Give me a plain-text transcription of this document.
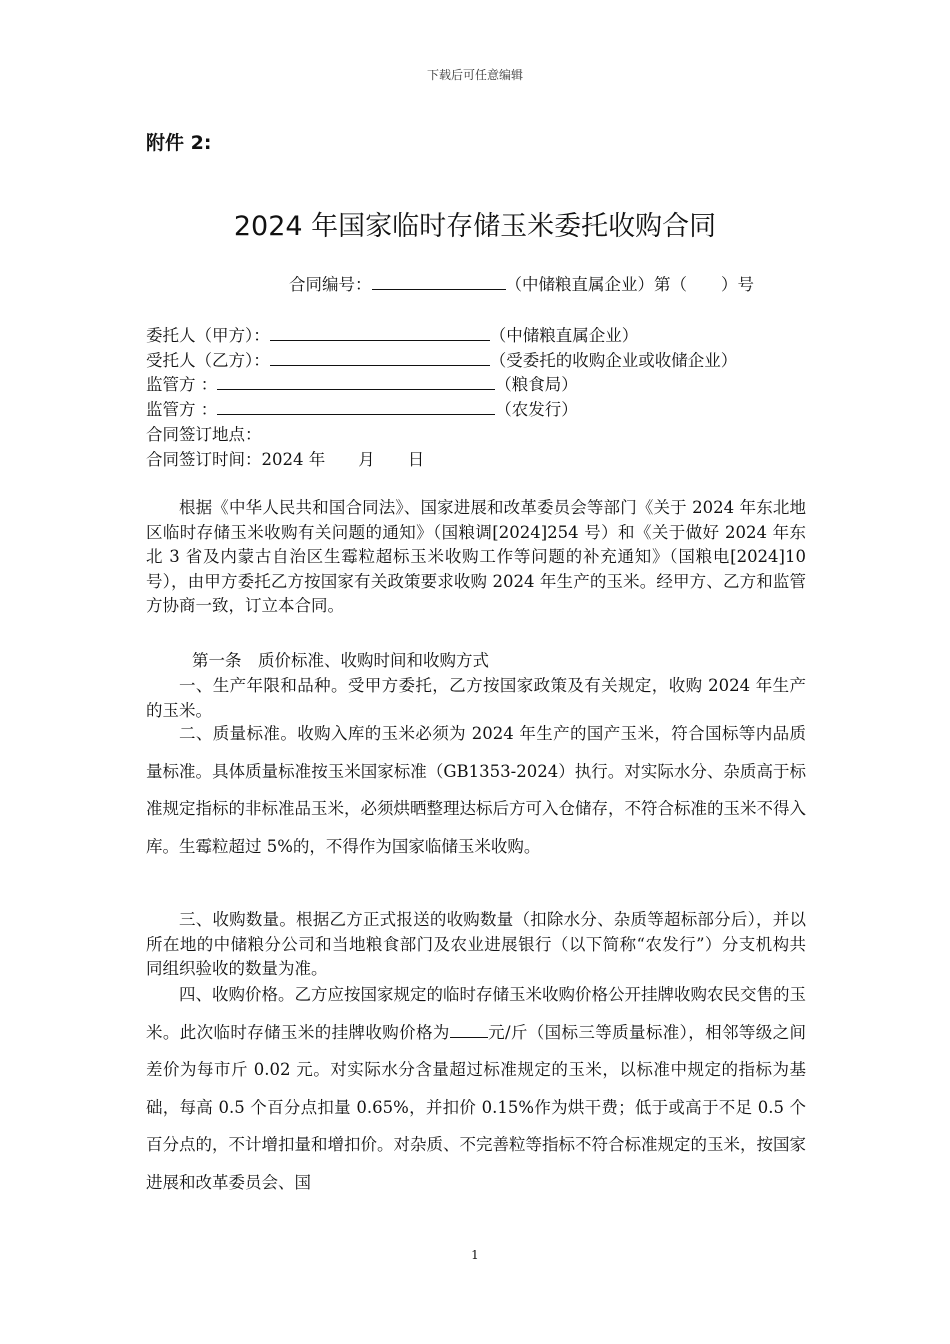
下载后可任意编辑
附件 2:
2024 年国家临时存储玉米委托收购合同
合同编号：	（中储粮直属企业）第（ ）号
委托人（甲方）：	（中储粮直属企业）
受托人（乙方）：	（受委托的收购企业或收储企业）
监管方 ：	（粮食局）
监管方 ：	（农发行）
合同签订地点：
合同签订时间：2024 年　　月　　日

根据《中华人民共和国合同法》、国家进展和改革委员会等部门《关于 2024 年东北地区临时存储玉米收购有关问题的通知》（国粮调[2024]254 号）和《关于做好 2024 年东北 3 省及内蒙古自治区生霉粒超标玉米收购工作等问题的补充通知》（国粮电[2024]10 号），由甲方委托乙方按国家有关政策要求收购 2024 年生产的玉米。经甲方、乙方和监管方协商一致，订立本合同。

第一条　质价标准、收购时间和收购方式

一、生产年限和品种。受甲方委托，乙方按国家政策及有关规定，收购 2024 年生产的玉米。

二、质量标准。收购入库的玉米必须为 2024 年生产的国产玉米，符合国标等内品质量标准。具体质量标准按玉米国家标准（GB1353-2024）执行。对实际水分、杂质高于标准规定指标的非标准品玉米，必须烘晒整理达标后方可入仓储存，不符合标准的玉米不得入库。生霉粒超过 5%的，不得作为国家临储玉米收购。

三、收购数量。根据乙方正式报送的收购数量（扣除水分、杂质等超标部分后），并以所在地的中储粮分公司和当地粮食部门及农业进展银行（以下简称“农发行”）分支机构共同组织验收的数量为准。

四、收购价格。乙方应按国家规定的临时存储玉米收购价格公开挂牌收购农民交售的玉米。此次临时存储玉米的挂牌收购价格为 元/斤（国标三等质量标准），相邻等级之间差价为每市斤 0.02 元。对实际水分含量超过标准规定的玉米，以标准中规定的指标为基础，每高 0.5 个百分点扣量 0.65%，并扣价 0.15%作为烘干费；低于或高于不足 0.5 个百分点的，不计增扣量和增扣价。对杂质、不完善粒等指标不符合标准规定的玉米，按国家进展和改革委员会、国

1
